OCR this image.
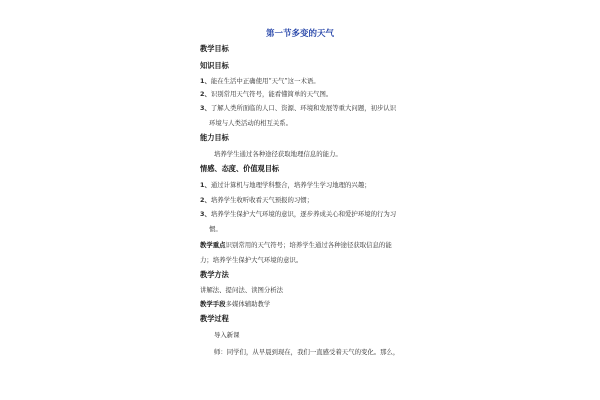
第一节多变的天气
教学目标
知识目标
1、能在生活中正确使用“天气”这一术语。
2、识别常用天气符号，能看懂简单的天气图。
3、了解人类所面临的人口、资源、环境和发展等重大问题，初步认识
环境与人类活动的相互关系。
能力目标
培养学生通过各种途径获取地理信息的能力。
情感、态度、价值观目标
1、通过计算机与地理学科整合，培养学生学习地理的兴趣；
2、培养学生收听收看天气预报的习惯；
3、培养学生保护大气环境的意识，逐步养成关心和爱护环境的行为习
惯。
教学重点识别常用的天气符号；培养学生通过各种途径获取信息的能
力；培养学生保护大气环境的意识。
教学方法
讲解法、提问法、读图分析法
教学手段多媒体辅助教学
教学过程
导入新课
师：同学们，从早晨到现在，我们一直感受着天气的变化。那么，
